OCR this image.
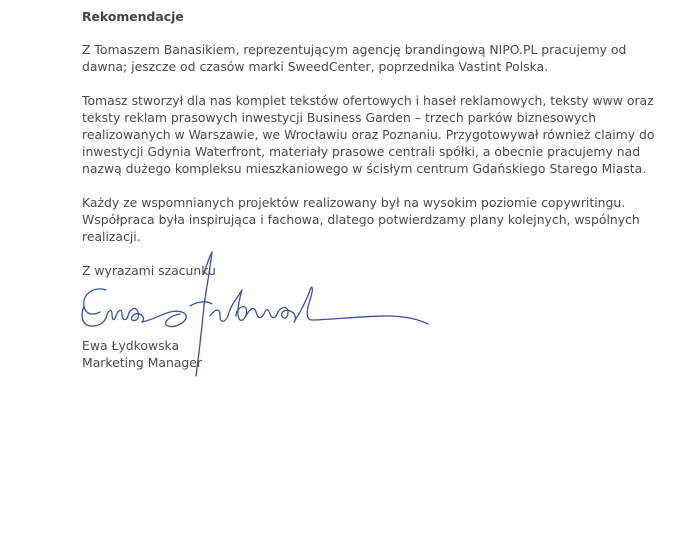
Rekomendacje
Z Tomaszem Banasikiem, reprezentującym agencję brandingową NIPO.PL pracujemy od
dawna; jeszcze od czasów marki SweedCenter, poprzednika Vastint Polska.
Tomasz stworzył dla nas komplet tekstów ofertowych i haseł reklamowych, teksty www oraz
teksty reklam prasowych inwestycji Business Garden – trzech parków biznesowych
realizowanych w Warszawie, we Wrocławiu oraz Poznaniu. Przygotowywał również claimy do
inwestycji Gdynia Waterfront, materiały prasowe centrali spółki, a obecnie pracujemy nad
nazwą dużego kompleksu mieszkaniowego w ścisłym centrum Gdańskiego Starego Miasta.
Każdy ze wspomnianych projektów realizowany był na wysokim poziomie copywritingu.
Współpraca była inspirująca i fachowa, dlatego potwierdzamy plany kolejnych, wspólnych
realizacji.
Z wyrazami szacunku
Ewa Łydkowska
Marketing Manager
